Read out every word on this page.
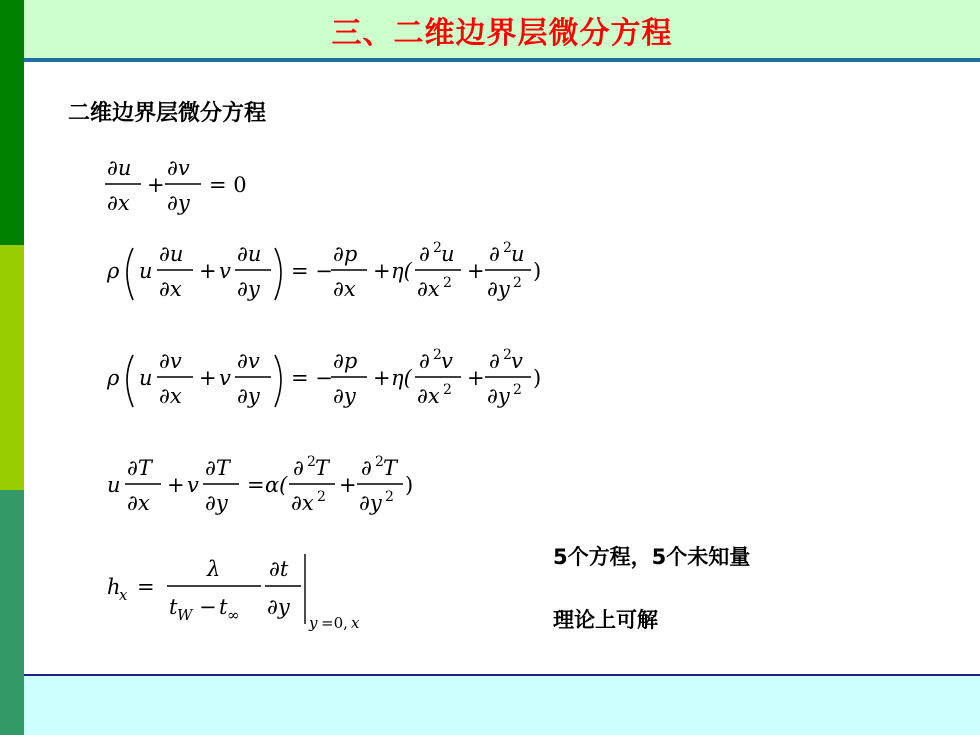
三、二维边界层微分方程
二维边界层微分方程
∂u
∂x
+
∂v
∂y
= 0
ρ u
∂u
∂x
+ v
∂u
∂y
= −
∂p
∂x
+ η(
∂ 2 u
∂x 2 +
∂ 2 u
∂y 2 )
ρ u
∂v
∂x
+ v
∂v
∂y
= −
∂p
∂y
+ η(
∂ 2 v
∂x 2 +
∂ 2 v
∂y 2 )
u
∂T
∂x
+ v
∂T
∂y
= α(
∂ 2 T
∂x 2 +
∂ 2 T
∂y 2 )
h
x =
λ
t W − t ∞
∂t
∂y
y =0, x
5个方程，5个未知量
理论上可解
